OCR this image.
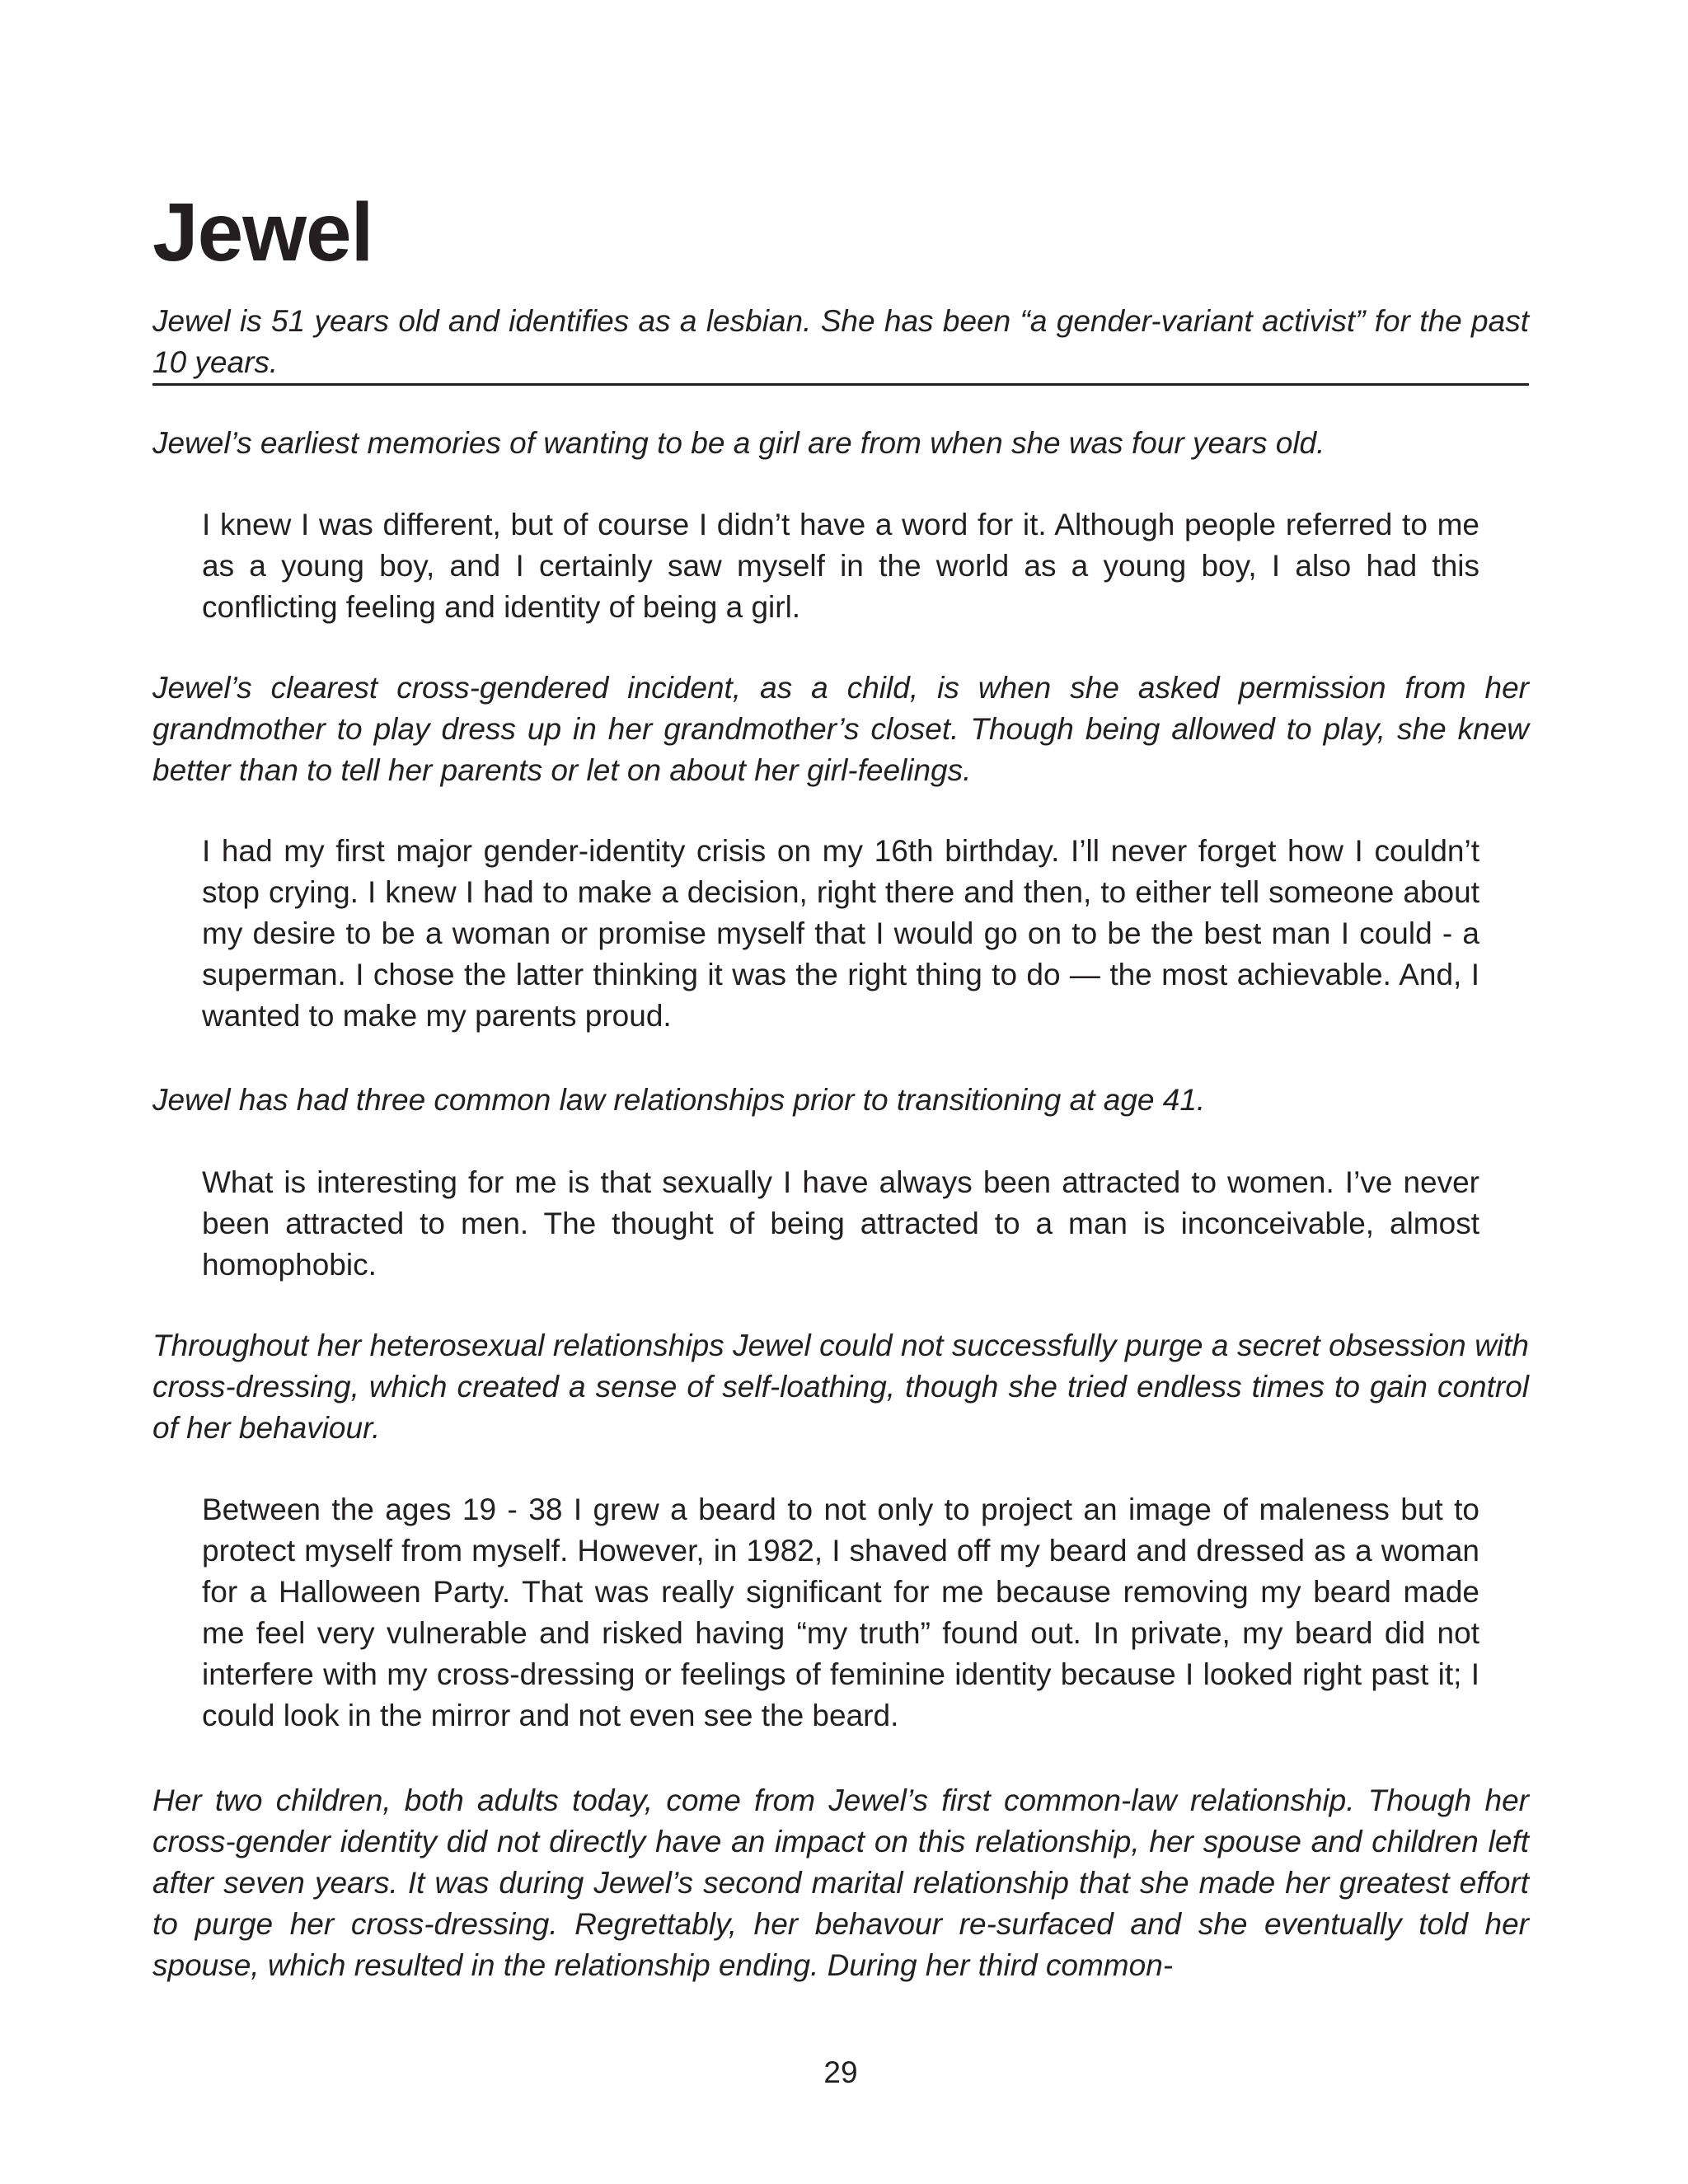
Jewel

Jewel is 51 years old and identifies as a lesbian. She has been “a gender-variant activist” for the past 10 years.

Jewel’s earliest memories of wanting to be a girl are from when she was four years old.

I knew I was different, but of course I didn’t have a word for it. Although people referred to me as a young boy, and I certainly saw myself in the world as a young boy, I also had this conflicting feeling and identity of being a girl.

Jewel’s clearest cross-gendered incident, as a child, is when she asked permission from her grandmother to play dress up in her grandmother’s closet. Though being allowed to play, she knew better than to tell her parents or let on about her girl-feelings.

I had my first major gender-identity crisis on my 16th birthday. I’ll never forget how I couldn’t stop crying. I knew I had to make a decision, right there and then, to either tell someone about my desire to be a woman or promise myself that I would go on to be the best man I could - a superman. I chose the latter thinking it was the right thing to do — the most achievable. And, I wanted to make my parents proud.

Jewel has had three common law relationships prior to transitioning at age 41.

What is interesting for me is that sexually I have always been attracted to women. I’ve never been attracted to men. The thought of being attracted to a man is inconceivable, almost homophobic.

Throughout her heterosexual relationships Jewel could not successfully purge a secret obsession with cross-dressing, which created a sense of self-loathing, though she tried endless times to gain control of her behaviour.

Between the ages 19 - 38 I grew a beard to not only to project an image of maleness but to protect myself from myself. However, in 1982, I shaved off my beard and dressed as a woman for a Halloween Party. That was really significant for me because removing my beard made me feel very vulnerable and risked having “my truth” found out. In private, my beard did not interfere with my cross-dressing or feelings of feminine identity because I looked right past it; I could look in the mirror and not even see the beard.

Her two children, both adults today, come from Jewel’s first common-law relationship. Though her cross-gender identity did not directly have an impact on this relationship, her spouse and children left after seven years. It was during Jewel’s second marital relationship that she made her greatest effort to purge her cross-dressing. Regrettably, her behavour re-surfaced and she eventually told her spouse, which resulted in the relationship ending. During her third common-

29
